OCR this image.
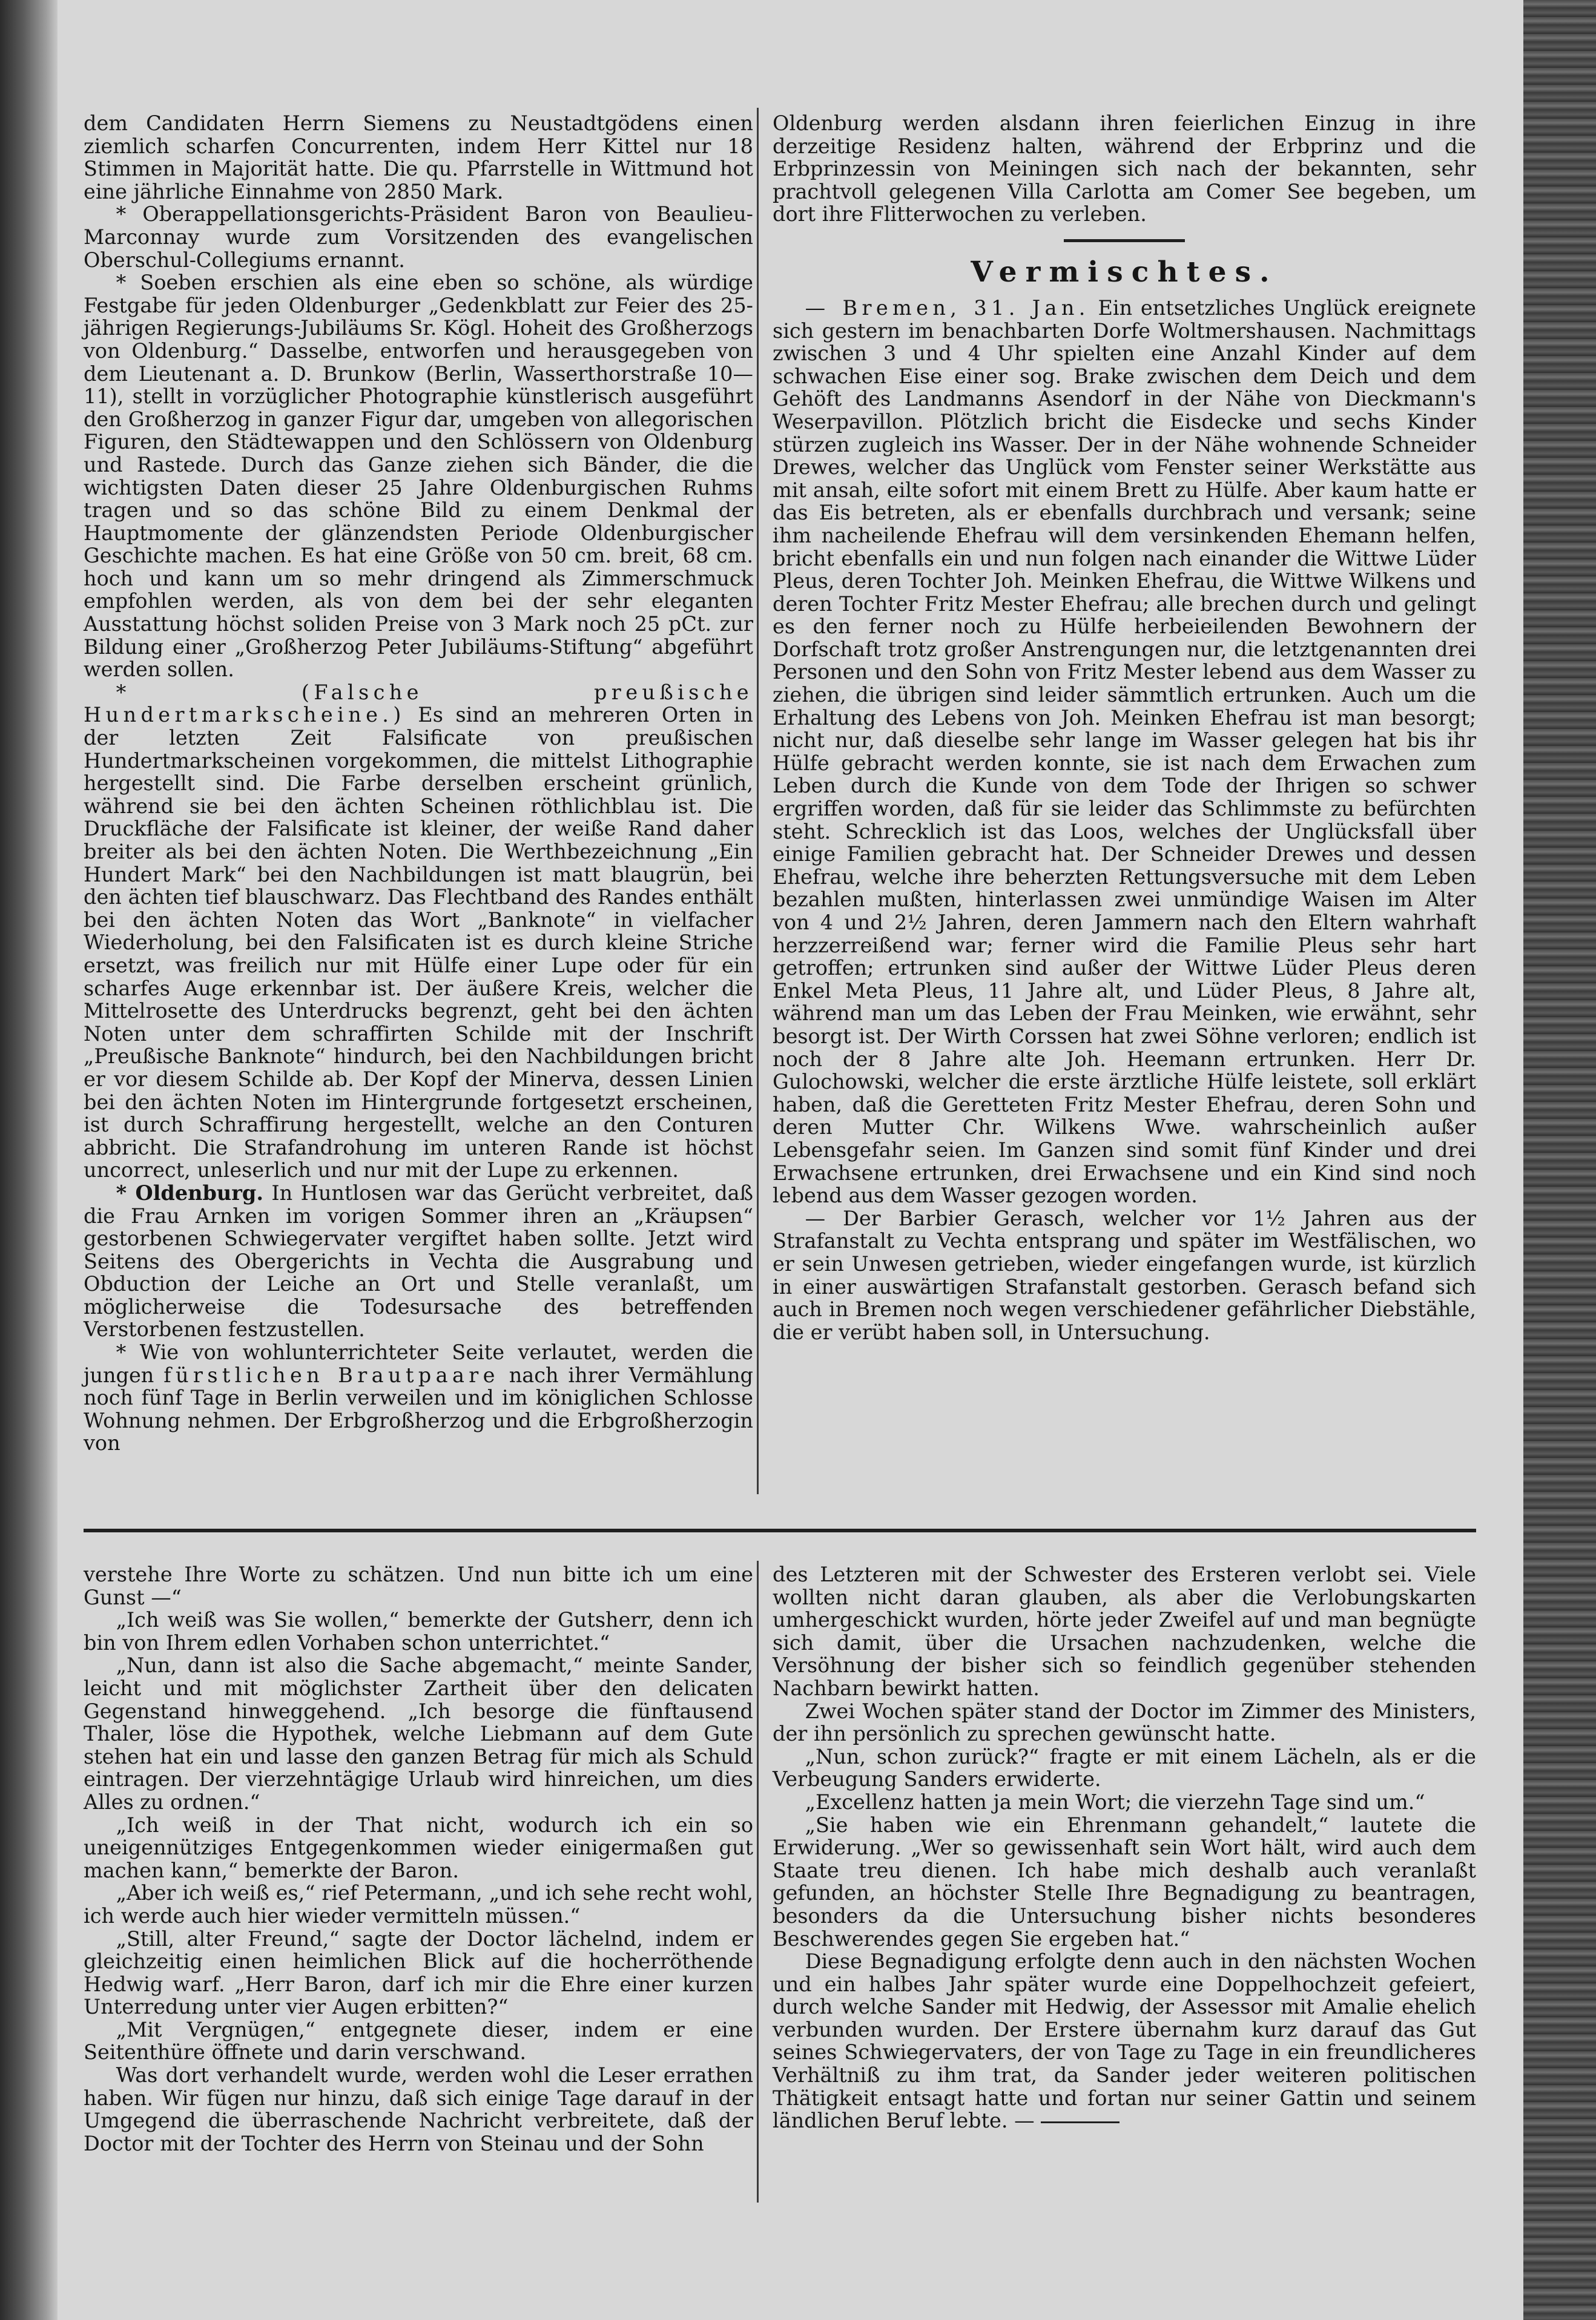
dem Candidaten Herrn Siemens zu Neustadtgödens einen ziemlich scharfen Concurrenten, indem Herr Kittel nur 18 Stimmen in Majorität hatte. Die qu. Pfarrstelle in Wittmund hot eine jährliche Einnahme von 2850 Mark.

* Oberappellationsgerichts-Präsident Baron von Beaulieu-Marconnay wurde zum Vorsitzenden des evangelischen Oberschul-Collegiums ernannt.

* Soeben erschien als eine eben so schöne, als würdige Festgabe für jeden Oldenburger „Gedenkblatt zur Feier des 25-jährigen Regierungs-Jubiläums Sr. Kögl. Hoheit des Großherzogs von Oldenburg.“ Dasselbe, entworfen und herausgegeben von dem Lieutenant a. D. Brunkow (Berlin, Wasserthorstraße 10—11), stellt in vorzüglicher Photographie künstlerisch ausgeführt den Großherzog in ganzer Figur dar, umgeben von allegorischen Figuren, den Städtewappen und den Schlössern von Oldenburg und Rastede. Durch das Ganze ziehen sich Bänder, die die wichtigsten Daten dieser 25 Jahre Oldenburgischen Ruhms tragen und so das schöne Bild zu einem Denkmal der Hauptmomente der glänzendsten Periode Oldenburgischer Geschichte machen. Es hat eine Größe von 50 cm. breit, 68 cm. hoch und kann um so mehr dringend als Zimmerschmuck empfohlen werden, als von dem bei der sehr eleganten Ausstattung höchst soliden Preise von 3 Mark noch 25 pCt. zur Bildung einer „Großherzog Peter Jubiläums-Stiftung“ abgeführt werden sollen.

* (Falsche preußische Hundertmarkscheine.) Es sind an mehreren Orten in der letzten Zeit Falsificate von preußischen Hundertmarkscheinen vorgekommen, die mittelst Lithographie hergestellt sind. Die Farbe derselben erscheint grünlich, während sie bei den ächten Scheinen röthlichblau ist. Die Druckfläche der Falsificate ist kleiner, der weiße Rand daher breiter als bei den ächten Noten. Die Werthbezeichnung „Ein Hundert Mark“ bei den Nachbildungen ist matt blaugrün, bei den ächten tief blauschwarz. Das Flechtband des Randes enthält bei den ächten Noten das Wort „Banknote“ in vielfacher Wiederholung, bei den Falsificaten ist es durch kleine Striche ersetzt, was freilich nur mit Hülfe einer Lupe oder für ein scharfes Auge erkennbar ist. Der äußere Kreis, welcher die Mittelrosette des Unterdrucks begrenzt, geht bei den ächten Noten unter dem schraffirten Schilde mit der Inschrift „Preußische Banknote“ hindurch, bei den Nachbildungen bricht er vor diesem Schilde ab. Der Kopf der Minerva, dessen Linien bei den ächten Noten im Hintergrunde fortgesetzt erscheinen, ist durch Schraffirung hergestellt, welche an den Conturen abbricht. Die Strafandrohung im unteren Rande ist höchst uncorrect, unleserlich und nur mit der Lupe zu erkennen.

* Oldenburg. In Huntlosen war das Gerücht verbreitet, daß die Frau Arnken im vorigen Sommer ihren an „Kräupsen“ gestorbenen Schwiegervater vergiftet haben sollte. Jetzt wird Seitens des Obergerichts in Vechta die Ausgrabung und Obduction der Leiche an Ort und Stelle veranlaßt, um möglicherweise die Todesursache des betreffenden Verstorbenen festzustellen.

* Wie von wohlunterrichteter Seite verlautet, werden die jungen fürstlichen Brautpaare nach ihrer Vermählung noch fünf Tage in Berlin verweilen und im königlichen Schlosse Wohnung nehmen. Der Erbgroßherzog und die Erbgroßherzogin von

Oldenburg werden alsdann ihren feierlichen Einzug in ihre derzeitige Residenz halten, während der Erbprinz und die Erbprinzessin von Meiningen sich nach der bekannten, sehr prachtvoll gelegenen Villa Carlotta am Comer See begeben, um dort ihre Flitterwochen zu verleben.

Vermischtes.

— Bremen, 31. Jan. Ein entsetzliches Unglück ereignete sich gestern im benachbarten Dorfe Woltmershausen. Nachmittags zwischen 3 und 4 Uhr spielten eine Anzahl Kinder auf dem schwachen Eise einer sog. Brake zwischen dem Deich und dem Gehöft des Landmanns Asendorf in der Nähe von Dieckmann's Weserpavillon. Plötzlich bricht die Eisdecke und sechs Kinder stürzen zugleich ins Wasser. Der in der Nähe wohnende Schneider Drewes, welcher das Unglück vom Fenster seiner Werkstätte aus mit ansah, eilte sofort mit einem Brett zu Hülfe. Aber kaum hatte er das Eis betreten, als er ebenfalls durchbrach und versank; seine ihm nacheilende Ehefrau will dem versinkenden Ehemann helfen, bricht ebenfalls ein und nun folgen nach einander die Wittwe Lüder Pleus, deren Tochter Joh. Meinken Ehefrau, die Wittwe Wilkens und deren Tochter Fritz Mester Ehefrau; alle brechen durch und gelingt es den ferner noch zu Hülfe herbeieilenden Bewohnern der Dorfschaft trotz großer Anstrengungen nur, die letztgenannten drei Personen und den Sohn von Fritz Mester lebend aus dem Wasser zu ziehen, die übrigen sind leider sämmtlich ertrunken. Auch um die Erhaltung des Lebens von Joh. Meinken Ehefrau ist man besorgt; nicht nur, daß dieselbe sehr lange im Wasser gelegen hat bis ihr Hülfe gebracht werden konnte, sie ist nach dem Erwachen zum Leben durch die Kunde von dem Tode der Ihrigen so schwer ergriffen worden, daß für sie leider das Schlimmste zu befürchten steht. Schrecklich ist das Loos, welches der Unglücksfall über einige Familien gebracht hat. Der Schneider Drewes und dessen Ehefrau, welche ihre beherzten Rettungsversuche mit dem Leben bezahlen mußten, hinterlassen zwei unmündige Waisen im Alter von 4 und 2½ Jahren, deren Jammern nach den Eltern wahrhaft herzzerreißend war; ferner wird die Familie Pleus sehr hart getroffen; ertrunken sind außer der Wittwe Lüder Pleus deren Enkel Meta Pleus, 11 Jahre alt, und Lüder Pleus, 8 Jahre alt, während man um das Leben der Frau Meinken, wie erwähnt, sehr besorgt ist. Der Wirth Corssen hat zwei Söhne verloren; endlich ist noch der 8 Jahre alte Joh. Heemann ertrunken. Herr Dr. Gulochowski, welcher die erste ärztliche Hülfe leistete, soll erklärt haben, daß die Geretteten Fritz Mester Ehefrau, deren Sohn und deren Mutter Chr. Wilkens Wwe. wahrscheinlich außer Lebensgefahr seien. Im Ganzen sind somit fünf Kinder und drei Erwachsene ertrunken, drei Erwachsene und ein Kind sind noch lebend aus dem Wasser gezogen worden.

— Der Barbier Gerasch, welcher vor 1½ Jahren aus der Strafanstalt zu Vechta entsprang und später im Westfälischen, wo er sein Unwesen getrieben, wieder eingefangen wurde, ist kürzlich in einer auswärtigen Strafanstalt gestorben. Gerasch befand sich auch in Bremen noch wegen verschiedener gefährlicher Diebstähle, die er verübt haben soll, in Untersuchung.

verstehe Ihre Worte zu schätzen. Und nun bitte ich um eine Gunst —“

„Ich weiß was Sie wollen,“ bemerkte der Gutsherr, denn ich bin von Ihrem edlen Vorhaben schon unterrichtet.“

„Nun, dann ist also die Sache abgemacht,“ meinte Sander, leicht und mit möglichster Zartheit über den delicaten Gegenstand hinweggehend. „Ich besorge die fünftausend Thaler, löse die Hypothek, welche Liebmann auf dem Gute stehen hat ein und lasse den ganzen Betrag für mich als Schuld eintragen. Der vierzehntägige Urlaub wird hinreichen, um dies Alles zu ordnen.“

„Ich weiß in der That nicht, wodurch ich ein so uneigennütziges Entgegenkommen wieder einigermaßen gut machen kann,“ bemerkte der Baron.

„Aber ich weiß es,“ rief Petermann, „und ich sehe recht wohl, ich werde auch hier wieder vermitteln müssen.“

„Still, alter Freund,“ sagte der Doctor lächelnd, indem er gleichzeitig einen heimlichen Blick auf die hocherröthende Hedwig warf. „Herr Baron, darf ich mir die Ehre einer kurzen Unterredung unter vier Augen erbitten?“

„Mit Vergnügen,“ entgegnete dieser, indem er eine Seitenthüre öffnete und darin verschwand.

Was dort verhandelt wurde, werden wohl die Leser errathen haben. Wir fügen nur hinzu, daß sich einige Tage darauf in der Umgegend die überraschende Nachricht verbreitete, daß der Doctor mit der Tochter des Herrn von Steinau und der Sohn

des Letzteren mit der Schwester des Ersteren verlobt sei. Viele wollten nicht daran glauben, als aber die Verlobungskarten umhergeschickt wurden, hörte jeder Zweifel auf und man begnügte sich damit, über die Ursachen nachzudenken, welche die Versöhnung der bisher sich so feindlich gegenüber stehenden Nachbarn bewirkt hatten.

Zwei Wochen später stand der Doctor im Zimmer des Ministers, der ihn persönlich zu sprechen gewünscht hatte.

„Nun, schon zurück?“ fragte er mit einem Lächeln, als er die Verbeugung Sanders erwiderte.

„Excellenz hatten ja mein Wort; die vierzehn Tage sind um.“

„Sie haben wie ein Ehrenmann gehandelt,“ lautete die Erwiderung. „Wer so gewissenhaft sein Wort hält, wird auch dem Staate treu dienen. Ich habe mich deshalb auch veranlaßt gefunden, an höchster Stelle Ihre Begnadigung zu beantragen, besonders da die Untersuchung bisher nichts besonderes Beschwerendes gegen Sie ergeben hat.“

Diese Begnadigung erfolgte denn auch in den nächsten Wochen und ein halbes Jahr später wurde eine Doppelhochzeit gefeiert, durch welche Sander mit Hedwig, der Assessor mit Amalie ehelich verbunden wurden. Der Erstere übernahm kurz darauf das Gut seines Schwiegervaters, der von Tage zu Tage in ein freundlicheres Verhältniß zu ihm trat, da Sander jeder weiteren politischen Thätigkeit entsagt hatte und fortan nur seiner Gattin und seinem ländlichen Beruf lebte. —
